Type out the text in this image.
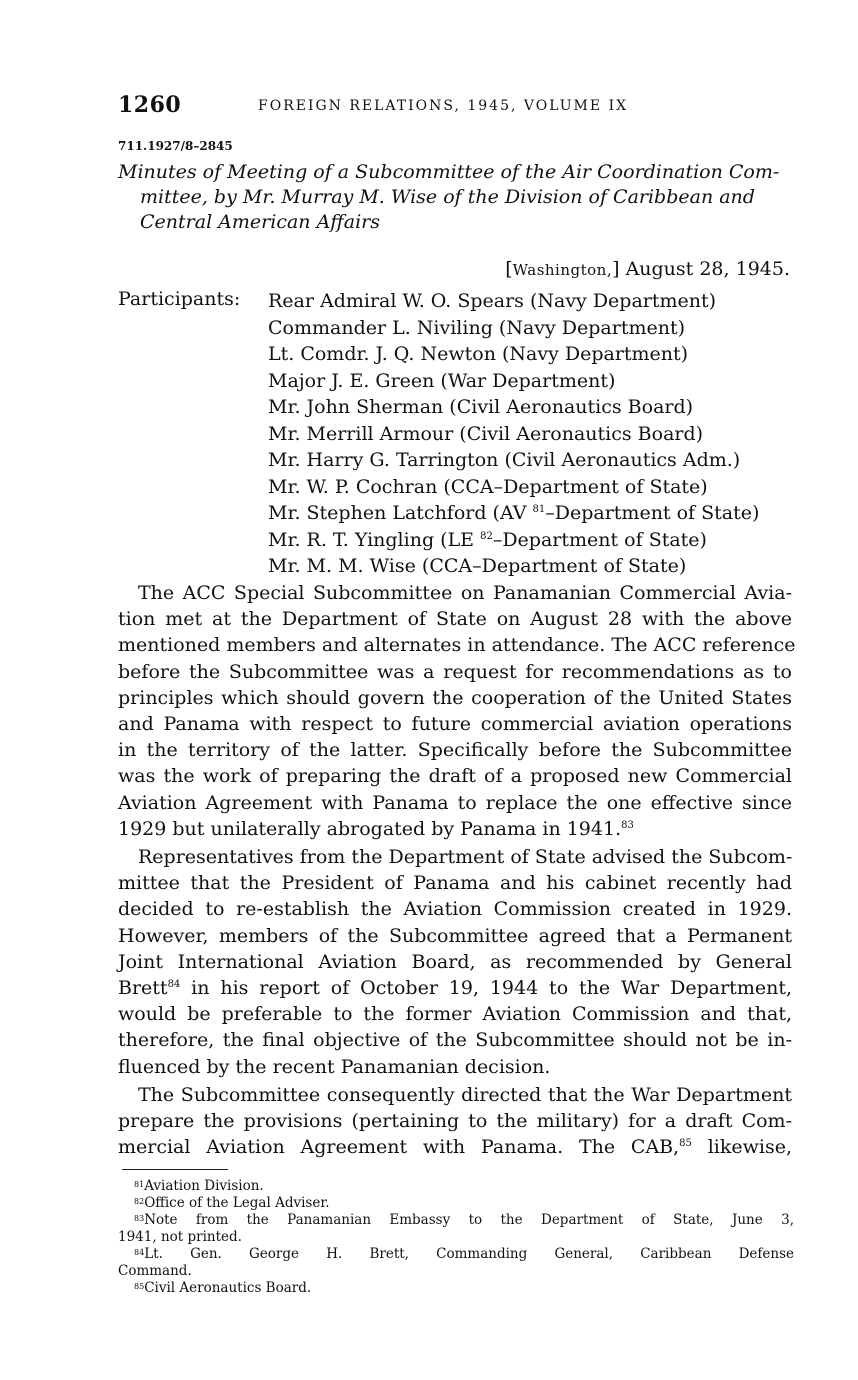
1260	FOREIGN RELATIONS, 1945, VOLUME IX
711.1927/8–2845
Minutes of Meeting of a Subcommittee of the Air Coordination Com-
mittee, by Mr. Murray M. Wise of the Division of Caribbean and
Central American Affairs
[Washington,] August 28, 1945.
Participants: Rear Admiral W. O. Spears (Navy Department)
Commander L. Niviling (Navy Department)
Lt. Comdr. J. Q. Newton (Navy Department)
Major J. E. Green (War Department)
Mr. John Sherman (Civil Aeronautics Board)
Mr. Merrill Armour (Civil Aeronautics Board)
Mr. Harry G. Tarrington (Civil Aeronautics Adm.)
Mr. W. P. Cochran (CCA–Department of State)
Mr. Stephen Latchford (AV $^{81}$–Department of State)
Mr. R. T. Yingling (LE $^{82}$–Department of State)
Mr. M. M. Wise (CCA–Department of State)
The ACC Special Subcommittee on Panamanian Commercial Avia-
tion met at the Department of State on August 28 with the above
mentioned members and alternates in attendance. The ACC reference
before the Subcommittee was a request for recommendations as to
principles which should govern the cooperation of the United States
and Panama with respect to future commercial aviation operations
in the territory of the latter. Specifically before the Subcommittee
was the work of preparing the draft of a proposed new Commercial
Aviation Agreement with Panama to replace the one effective since
1929 but unilaterally abrogated by Panama in 1941.83
Representatives from the Department of State advised the Subcom-
mittee that the President of Panama and his cabinet recently had
decided to re-establish the Aviation Commission created in 1929.
However, members of the Subcommittee agreed that a Permanent
Joint International Aviation Board, as recommended by General
Brett$^{84}$ in his report of October 19, 1944 to the War Department,
would be preferable to the former Aviation Commission and that,
therefore, the final objective of the Subcommittee should not be in-
fluenced by the recent Panamanian decision.
The Subcommittee consequently directed that the War Department
prepare the provisions (pertaining to the military) for a draft Com-
mercial Aviation Agreement with Panama. The CAB,$^{85}$ likewise,
$^{81}$Aviation Division.
$^{82}$Office of the Legal Adviser.
$^{83}$Note from the Panamanian Embassy to the Department of State, June 3,
1941, not printed.
$^{84}$Lt. Gen. George H. Brett, Commanding General, Caribbean Defense
Command.
$^{85}$Civil Aeronautics Board.
